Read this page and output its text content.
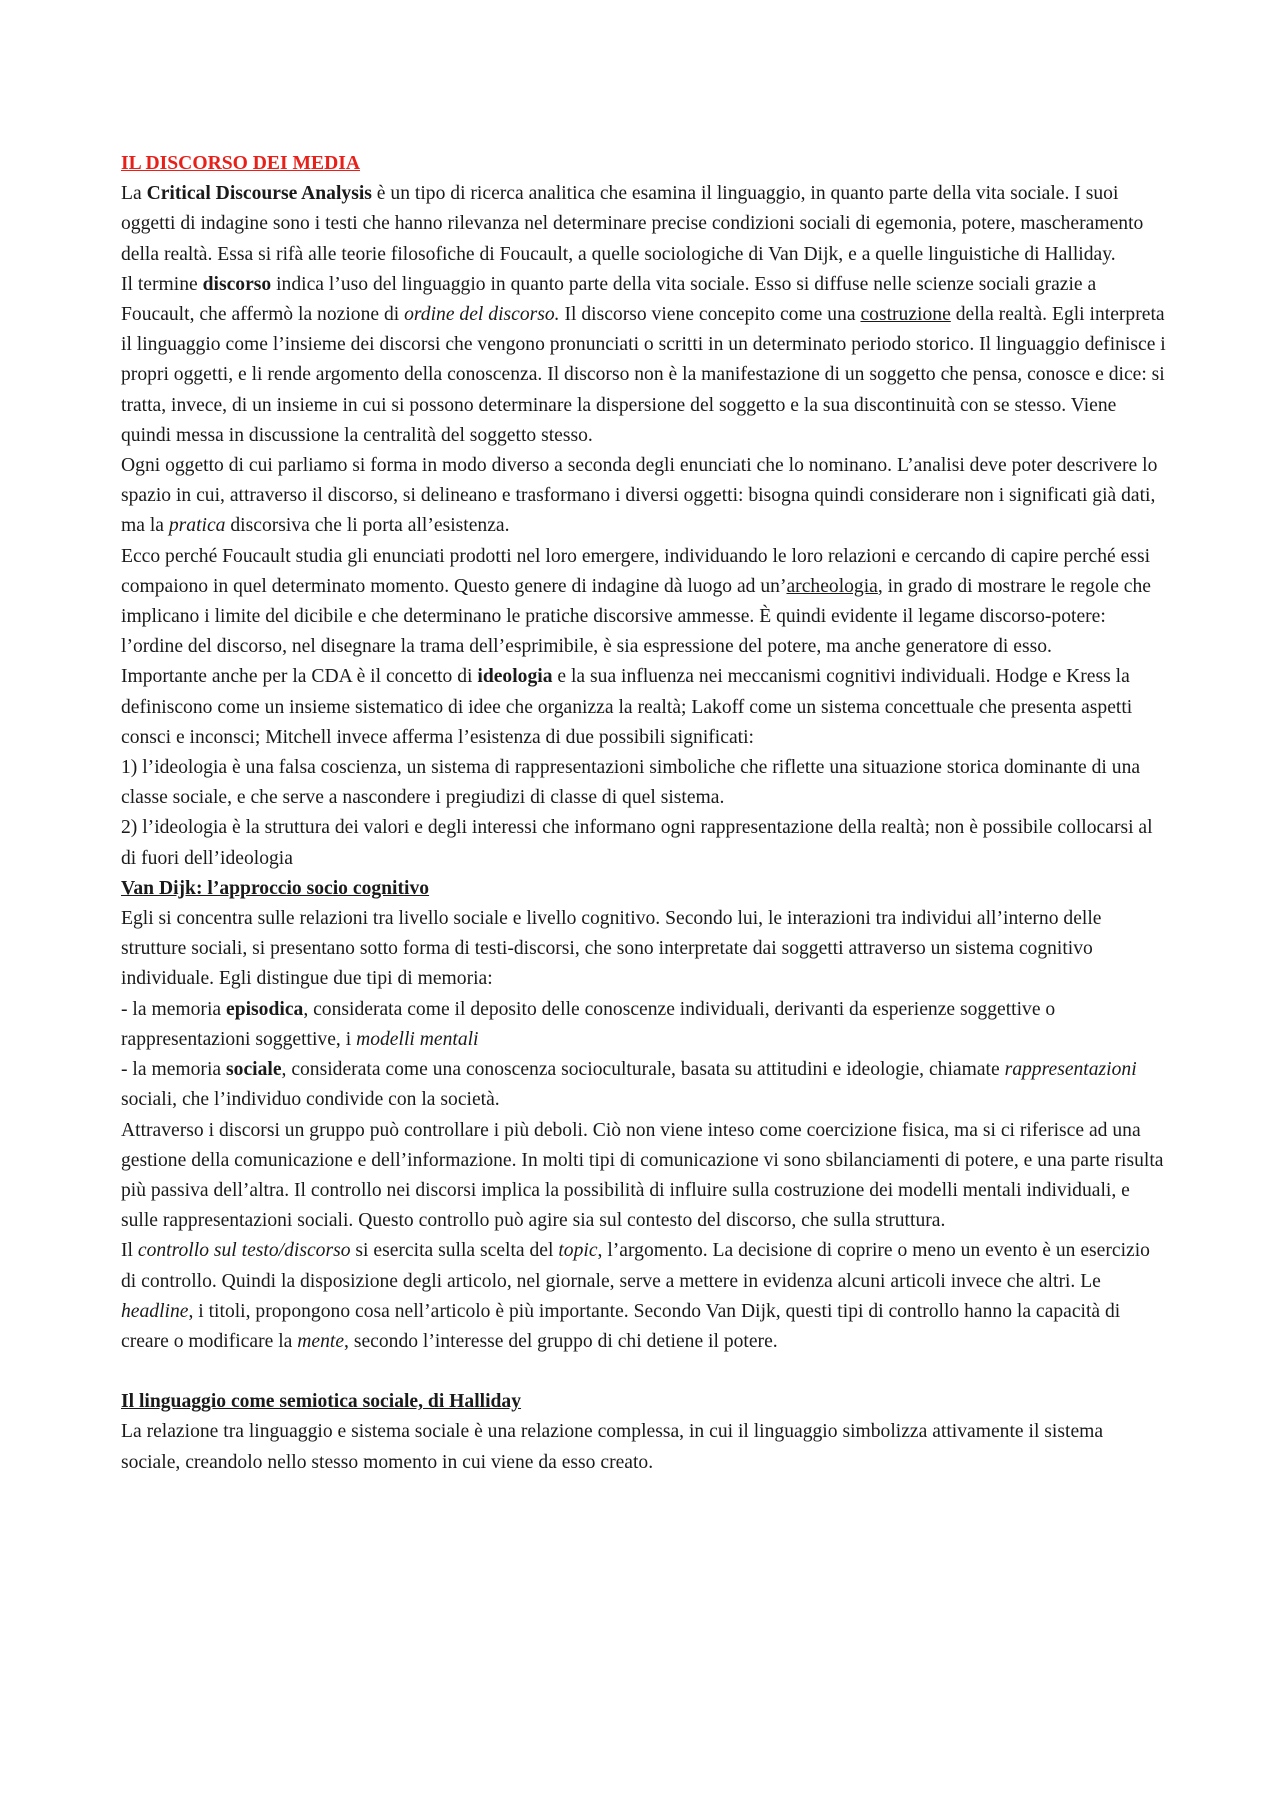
IL DISCORSO DEI MEDIA

La Critical Discourse Analysis è un tipo di ricerca analitica che esamina il linguaggio, in quanto parte della vita sociale. I suoi oggetti di indagine sono i testi che hanno rilevanza nel determinare precise condizioni sociali di egemonia, potere, mascheramento della realtà. Essa si rifà alle teorie filosofiche di Foucault, a quelle sociologiche di Van Dijk, e a quelle linguistiche di Halliday.

Il termine discorso indica l’uso del linguaggio in quanto parte della vita sociale. Esso si diffuse nelle scienze sociali grazie a Foucault, che affermò la nozione di ordine del discorso. Il discorso viene concepito come una costruzione della realtà. Egli interpreta il linguaggio come l’insieme dei discorsi che vengono pronunciati o scritti in un determinato periodo storico. Il linguaggio definisce i propri oggetti, e li rende argomento della conoscenza. Il discorso non è la manifestazione di un soggetto che pensa, conosce e dice: si tratta, invece, di un insieme in cui si possono determinare la dispersione del soggetto e la sua discontinuità con se stesso. Viene quindi messa in discussione la centralità del soggetto stesso.

Ogni oggetto di cui parliamo si forma in modo diverso a seconda degli enunciati che lo nominano. L’analisi deve poter descrivere lo spazio in cui, attraverso il discorso, si delineano e trasformano i diversi oggetti: bisogna quindi considerare non i significati già dati, ma la pratica discorsiva che li porta all’esistenza.

Ecco perché Foucault studia gli enunciati prodotti nel loro emergere, individuando le loro relazioni e cercando di capire perché essi compaiono in quel determinato momento. Questo genere di indagine dà luogo ad un’archeologia, in grado di mostrare le regole che implicano i limite del dicibile e che determinano le pratiche discorsive ammesse. È quindi evidente il legame discorso-potere: l’ordine del discorso, nel disegnare la trama dell’esprimibile, è sia espressione del potere, ma anche generatore di esso.

Importante anche per la CDA è il concetto di ideologia e la sua influenza nei meccanismi cognitivi individuali. Hodge e Kress la definiscono come un insieme sistematico di idee che organizza la realtà; Lakoff come un sistema concettuale che presenta aspetti consci e inconsci; Mitchell invece afferma l’esistenza di due possibili significati:

1) l’ideologia è una falsa coscienza, un sistema di rappresentazioni simboliche che riflette una situazione storica dominante di una classe sociale, e che serve a nascondere i pregiudizi di classe di quel sistema.

2) l’ideologia è la struttura dei valori e degli interessi che informano ogni rappresentazione della realtà; non è possibile collocarsi al di fuori dell’ideologia

Van Dijk: l’approccio socio cognitivo

Egli si concentra sulle relazioni tra livello sociale e livello cognitivo. Secondo lui, le interazioni tra individui all’interno delle strutture sociali, si presentano sotto forma di testi-discorsi, che sono interpretate dai soggetti attraverso un sistema cognitivo individuale. Egli distingue due tipi di memoria:

- la memoria episodica, considerata come il deposito delle conoscenze individuali, derivanti da esperienze soggettive o rappresentazioni soggettive, i modelli mentali

- la memoria sociale, considerata come una conoscenza socioculturale, basata su attitudini e ideologie, chiamate rappresentazioni sociali, che l’individuo condivide con la società.

Attraverso i discorsi un gruppo può controllare i più deboli. Ciò non viene inteso come coercizione fisica, ma si ci riferisce ad una gestione della comunicazione e dell’informazione. In molti tipi di comunicazione vi sono sbilanciamenti di potere, e una parte risulta più passiva dell’altra. Il controllo nei discorsi implica la possibilità di influire sulla costruzione dei modelli mentali individuali, e sulle rappresentazioni sociali. Questo controllo può agire sia sul contesto del discorso, che sulla struttura.

Il controllo sul testo/discorso si esercita sulla scelta del topic, l’argomento. La decisione di coprire o meno un evento è un esercizio di controllo. Quindi la disposizione degli articolo, nel giornale, serve a mettere in evidenza alcuni articoli invece che altri. Le headline, i titoli, propongono cosa nell’articolo è più importante. Secondo Van Dijk, questi tipi di controllo hanno la capacità di creare o modificare la mente, secondo l’interesse del gruppo di chi detiene il potere.

Il linguaggio come semiotica sociale, di Halliday

La relazione tra linguaggio e sistema sociale è una relazione complessa, in cui il linguaggio simbolizza attivamente il sistema sociale, creandolo nello stesso momento in cui viene da esso creato.
